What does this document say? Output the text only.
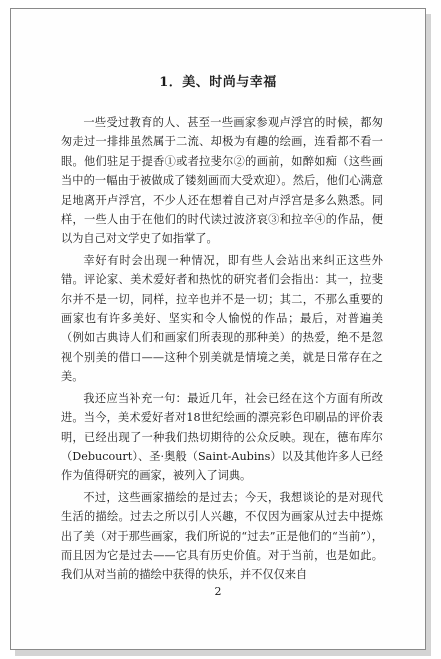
1．美、时尚与幸福

一些受过教育的人、甚至一些画家参观卢浮宫的时候，都匆匆走过一排排虽然属于二流、却极为有趣的绘画，连看都不看一眼。他们驻足于提香①或者拉斐尔②的画前，如醉如痴（这些画当中的一幅由于被做成了镂刻画而大受欢迎）。然后，他们心满意足地离开卢浮宫，不少人还在想着自己对卢浮宫是多么熟悉。同样，一些人由于在他们的时代读过波济哀③和拉辛④的作品，便以为自己对文学史了如指掌了。

幸好有时会出现一种情况，即有些人会站出来纠正这些外错。评论家、美术爱好者和热忱的研究者们会指出：其一，拉斐尔并不是一切，同样，拉辛也并不是一切；其二，不那么重要的画家也有许多美好、坚实和令人愉悦的作品；最后，对普遍美（例如古典诗人们和画家们所表现的那种美）的热爱，绝不是忽视个别美的借口——这种个别美就是情境之美，就是日常存在之美。

我还应当补充一句：最近几年，社会已经在这个方面有所改进。当今，美术爱好者对18世纪绘画的漂亮彩色印刷品的评价表明，已经出现了一种我们热切期待的公众反映。现在，德布库尔（Debucourt）、圣·奥般（Saint-Aubins）以及其他许多人已经作为值得研究的画家，被列入了词典。

不过，这些画家描绘的是过去；今天，我想谈论的是对现代生活的描绘。过去之所以引人兴趣，不仅因为画家从过去中提炼出了美（对于那些画家，我们所说的“过去”正是他们的“当前”），而且因为它是过去——它具有历史价值。对于当前，也是如此。我们从对当前的描绘中获得的快乐，并不仅仅来自

2
